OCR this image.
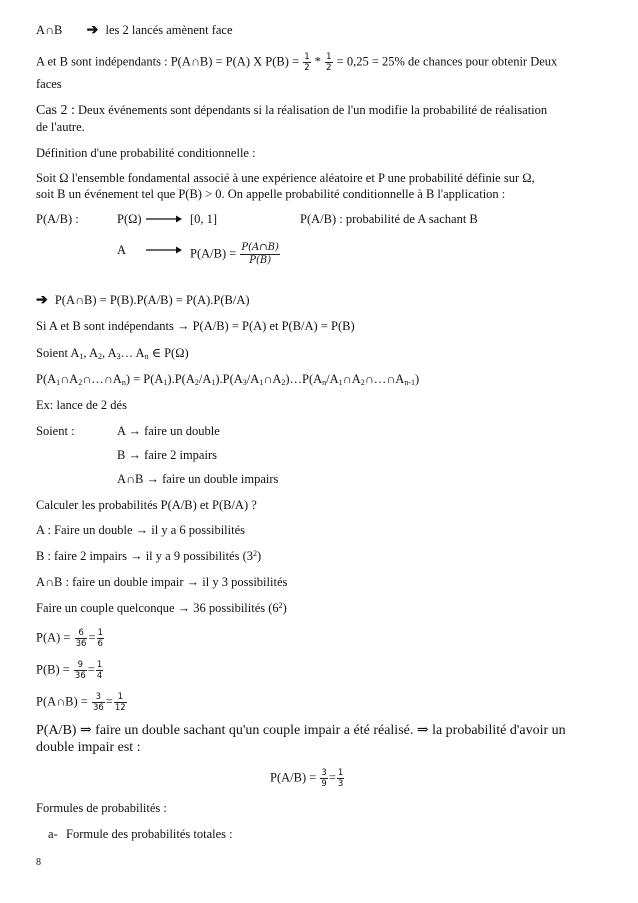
A∩B ➔ les 2 lancés amènent face
A et B sont indépendants : P(A∩B) = P(A) X $P(B) = \frac{1}{2} * \frac{1}{2} = 0,25 = 25\%$ de chances pour obtenir Deux
faces
Cas 2 : Deux événements sont dépendants si la réalisation de l'un modifie la probabilité de réalisation
de l'autre.
Définition d'une probabilité conditionnelle :
Soit Ω l'ensemble fondamental associé à une expérience aléatoire et P une probabilité définie sur Ω,
soit B un événement tel que P(B) > 0. On appelle probabilité conditionnelle à B l'application :
P(A/B) :	P(Ω)	[0, 1]	P(A/B) : probabilité de A sachant B
A	$P(A/B) = \frac{P(A\cap B)}{P(B)}$
➔ P(A∩B) = P(B).P(A/B) = P(A).P(B/A)
Si A et B sont indépendants → P(A/B) = P(A) et P(B/A) = P(B)
Soient $A_1$, $A_2$, $A_3\dots$ $A_n$ ∈ P(Ω)
$P(A_1\cap A_2\cap\dots\cap A_n)$ = $P(A_1).P(A_2/A_1).P(A_3/A_1\cap A_2)\dots P(A_n/A_1\cap A_2\cap\dots\cap A_{n-1})$
Ex: lance de 2 dés
Soient :	A → faire un double
B → faire 2 impairs
A∩B → faire un double impairs
Calculer les probabilités P(A/B) et P(B/A) ?
A : Faire un double → il y a 6 possibilités
B : faire 2 impairs → il y a 9 possibilités $(3^2)$
A∩B : faire un double impair → il y 3 possibilités
Faire un couple quelconque → 36 possibilités $(6^2)$
$P(A) = \frac{6}{36} = \frac{1}{6}$
$P(B) = \frac{9}{36} = \frac{1}{4}$
P(A∩B) = $\frac{3}{36} = \frac{1}{12}$
P(A/B) ⇒ faire un double sachant qu'un couple impair a été réalisé. ⇒ la probabilité d'avoir un
double impair est :
$P(A/B) = \frac{3}{9} = \frac{1}{3}$
Formules de probabilités :
a- Formule des probabilités totales :
8
